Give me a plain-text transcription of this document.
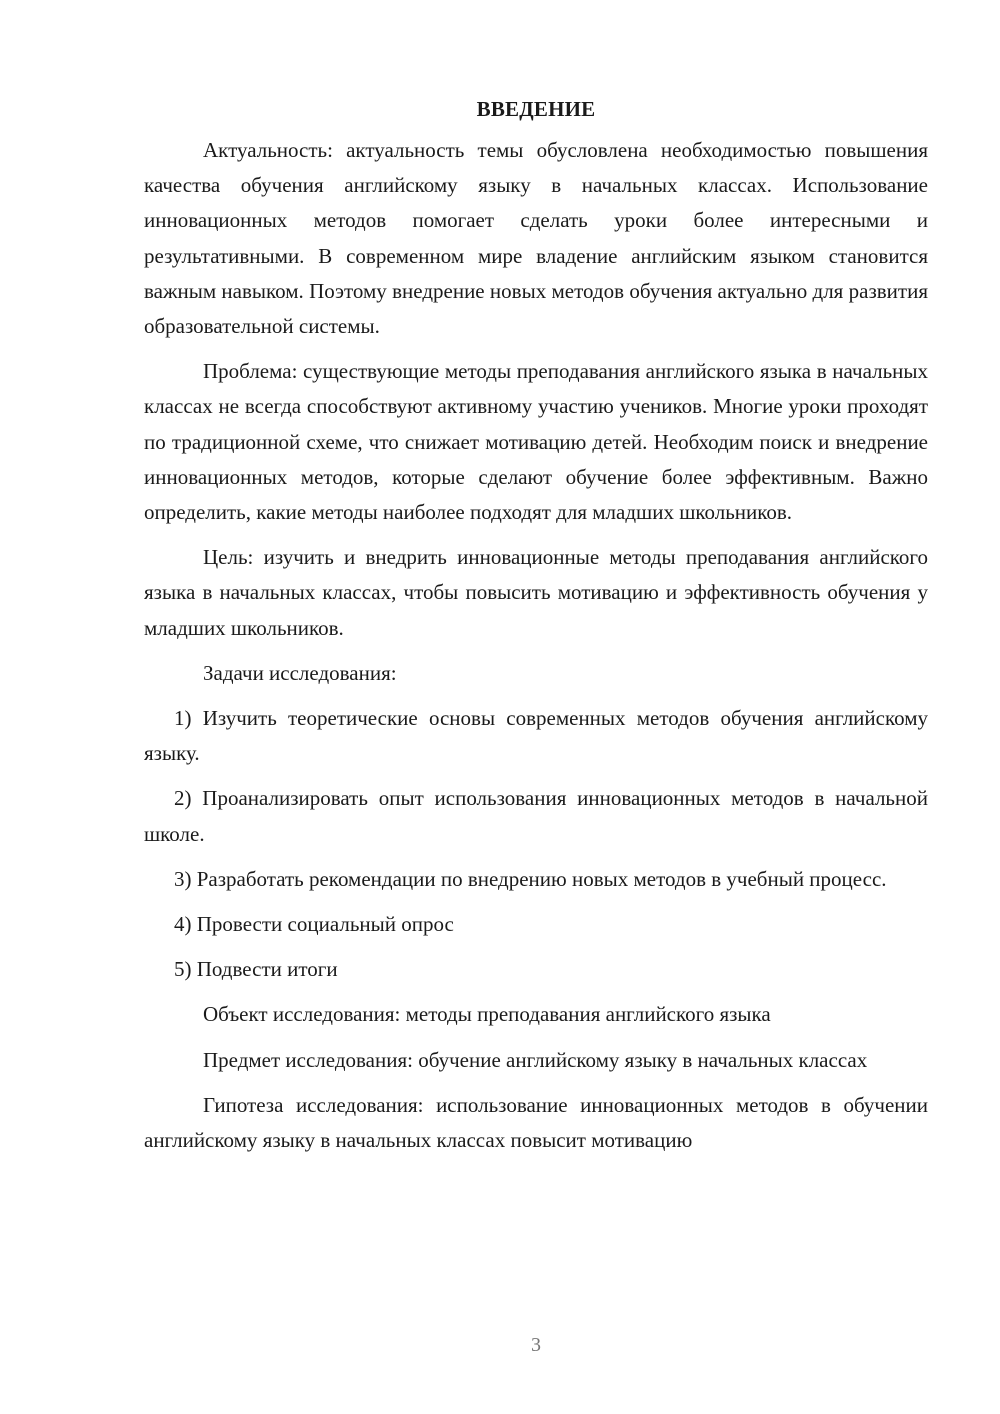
ВВЕДЕНИЕ

Актуальность: актуальность темы обусловлена необходимостью повышения качества обучения английскому языку в начальных классах. Использование инновационных методов помогает сделать уроки более интересными и результативными. В современном мире владение английским языком становится важным навыком. Поэтому внедрение новых методов обучения актуально для развития образовательной системы.

Проблема: существующие методы преподавания английского языка в начальных классах не всегда способствуют активному участию учеников. Многие уроки проходят по традиционной схеме, что снижает мотивацию детей. Необходим поиск и внедрение инновационных методов, которые сделают обучение более эффективным. Важно определить, какие методы наиболее подходят для младших школьников.

Цель: изучить и внедрить инновационные методы преподавания английского языка в начальных классах, чтобы повысить мотивацию и эффективность обучения у младших школьников.

Задачи исследования:

1) Изучить теоретические основы современных методов обучения английскому языку.

2) Проанализировать опыт использования инновационных методов в начальной школе.

3) Разработать рекомендации по внедрению новых методов в учебный процесс.

4) Провести социальный опрос

5) Подвести итоги

Объект исследования: методы преподавания английского языка

Предмет исследования: обучение английскому языку в начальных классах

Гипотеза исследования: использование инновационных методов в обучении английскому языку в начальных классах повысит мотивацию

3
